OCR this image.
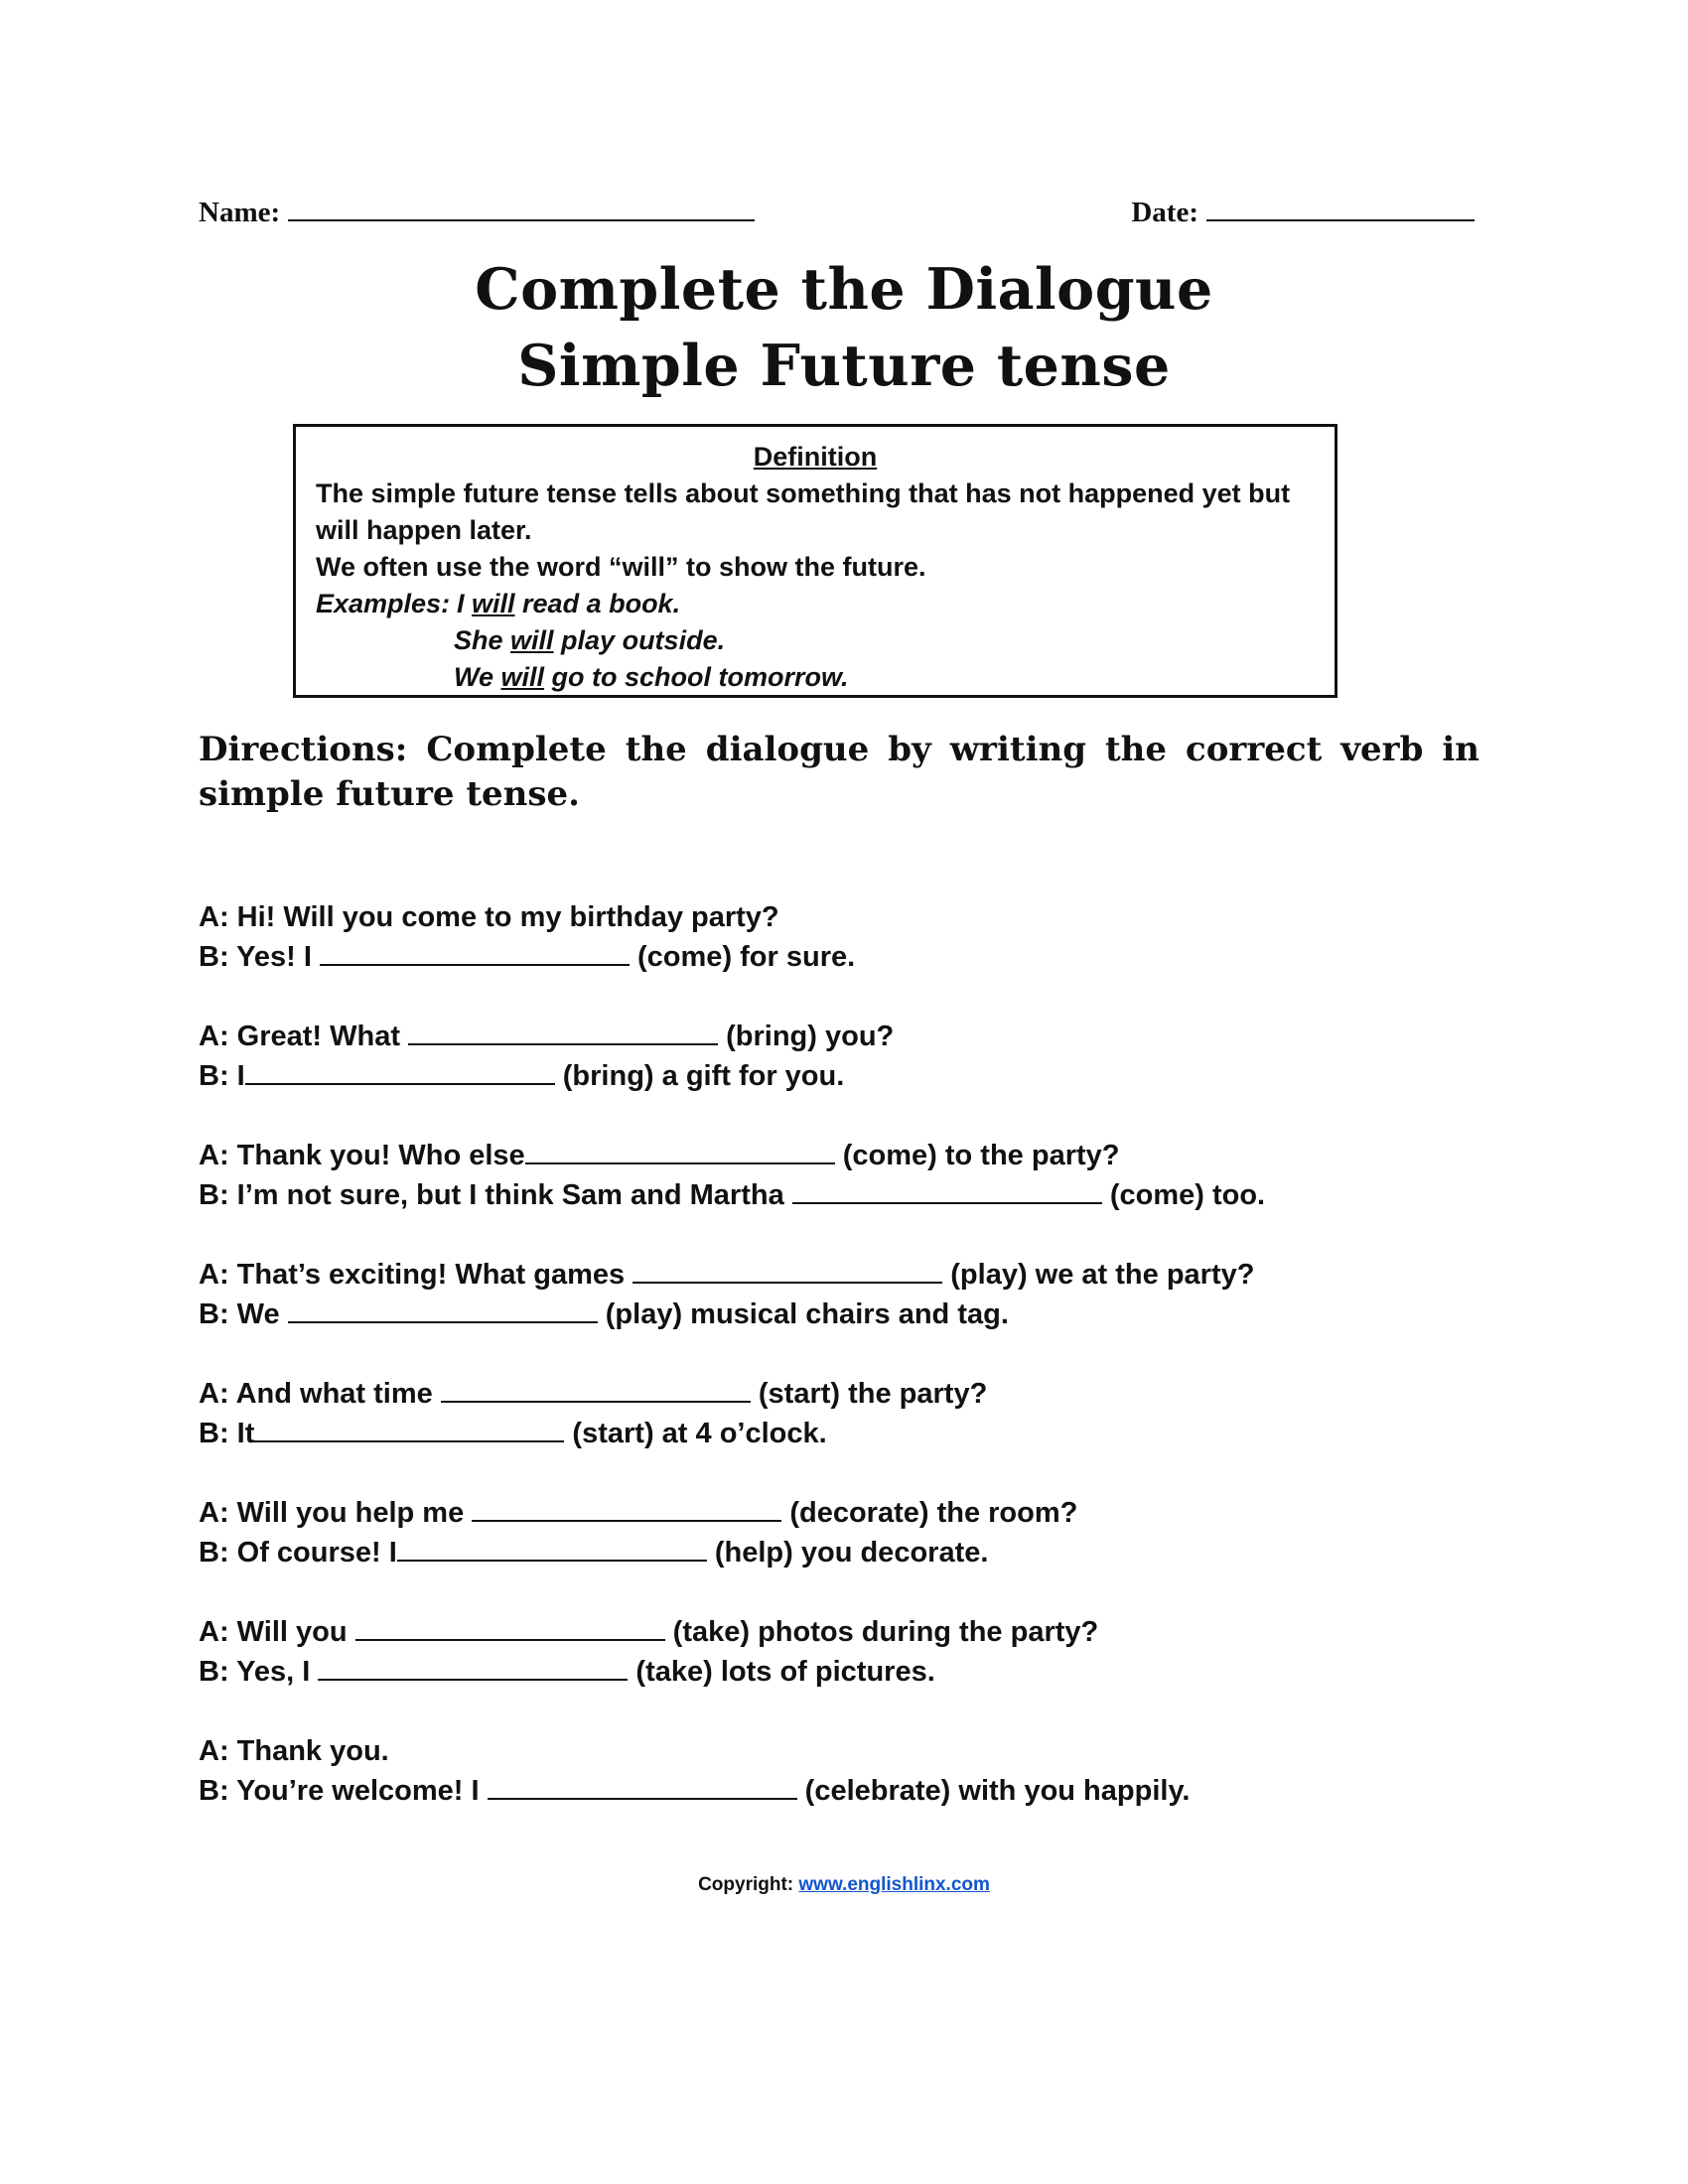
Name:	Date:
Complete the Dialogue
Simple Future tense
Definition
The simple future tense tells about something that has not happened yet but will happen later.
We often use the word “will” to show the future.
Examples: I will read a book.
She will play outside.
We will go to school tomorrow.
Directions: Complete the dialogue by writing the correct verb in simple future tense.
A: Hi! Will you come to my birthday party?
B: Yes! I	(come) for sure.
A: Great! What	(bring) you?
B: I	(bring) a gift for you.
A: Thank you! Who else	(come) to the party?
B: I’m not sure, but I think Sam and Martha	(come) too.
A: That’s exciting! What games	(play) we at the party?
B: We	(play) musical chairs and tag.
A: And what time	(start) the party?
B: It	(start) at 4 o’clock.
A: Will you help me	(decorate) the room?
B: Of course! I	(help) you decorate.
A: Will you	(take) photos during the party?
B: Yes, I	(take) lots of pictures.
A: Thank you.
B: You’re welcome! I	(celebrate) with you happily.
Copyright: www.englishlinx.com
